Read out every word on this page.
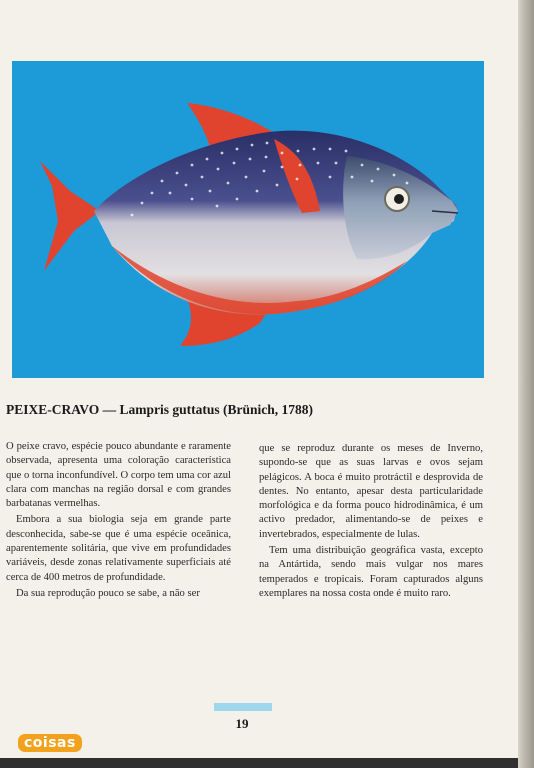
PEIXE-CRAVO — Lampris guttatus (Brünich, 1788)

O peixe cravo, espécie pouco abundante e raramente observada, apresenta uma coloração característica que o torna inconfundível. O corpo tem uma cor azul clara com manchas na região dorsal e com grandes barbatanas vermelhas.

Embora a sua biologia seja em grande parte desconhecida, sabe-se que é uma espécie oceânica, aparentemente solitária, que vive em profundidades variáveis, desde zonas relativamente superficiais até cerca de 400 metros de profundidade.

Da sua reprodução pouco se sabe, a não ser

que se reproduz durante os meses de Inverno, supondo-se que as suas larvas e ovos sejam pelágicos. A boca é muito protráctil e desprovida de dentes. No entanto, apesar desta particularidade morfológica e da forma pouco hidrodinâmica, é um activo predador, alimentando-se de peixes e invertebrados, especialmente de lulas.

Tem uma distribuição geográfica vasta, excepto na Antártida, sendo mais vulgar nos mares temperados e tropicais. Foram capturados alguns exemplares na nossa costa onde é muito raro.

19
coisas
